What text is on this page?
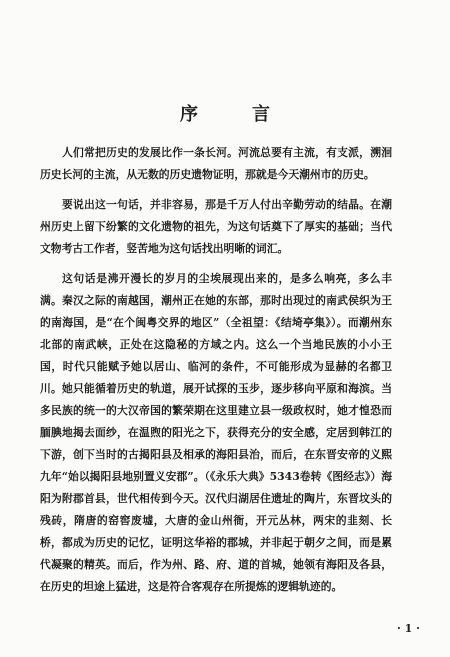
序　言

人们常把历史的发展比作一条长河。河流总要有主流，有支派，溯洄历史长河的主流，从无数的历史遗物证明，那就是今天潮州市的历史。

要说出这一句话，并非容易，那是千万人付出辛勤劳动的结晶。在潮州历史上留下纷繁的文化遗物的祖先，为这句话奠下了厚实的基础；当代文物考古工作者，竖苦地为这句话找出明晰的词汇。

这句话是沸开漫长的岁月的尘埃展现出来的，是多么响亮，多么丰满。秦汉之际的南越国，潮州正在她的东部，那时出现过的南武侯织为王的南海国，是“在个闽粤交界的地区”（全祖望：《结埼亭集》）。而潮州东北部的南武峡，正处在这隐秘的方域之内。这么一个当地民族的小小王国，时代只能赋予她以居山、临河的条件，不可能形成为显赫的名都卫川。她只能循着历史的轨道，展开试探的玉步，逐步移向平原和海滨。当多民族的统一的大汉帝国的繁荣期在这里建立县一级政权时，她才惶恐而腼腆地揭去面纱，在温煦的阳光之下，获得充分的安全感，定居到韩江的下游，创下当时的古揭阳县及相承的海阳县治，而后，在东晋安帝的义熙九年“始以揭阳县地别置义安郡”。（《永乐大典》5343卷转《图经志》）海阳为附郡首县，世代相传到今天。汉代归湖居住遗址的陶片，东晋坟头的残砖，隋唐的窑窖废墟，大唐的金山州衙，开元丛林，两宋的韭刻、长桥，都成为历史的记忆，证明这华裕的郡城，并非起于朝夕之间，而是累代凝聚的精英。而后，作为州、路、府、道的首城，她领有海阳及各县，在历史的坦途上猛进，这是符合客观存在所提炼的逻辑轨迹的。

· 1 ·
